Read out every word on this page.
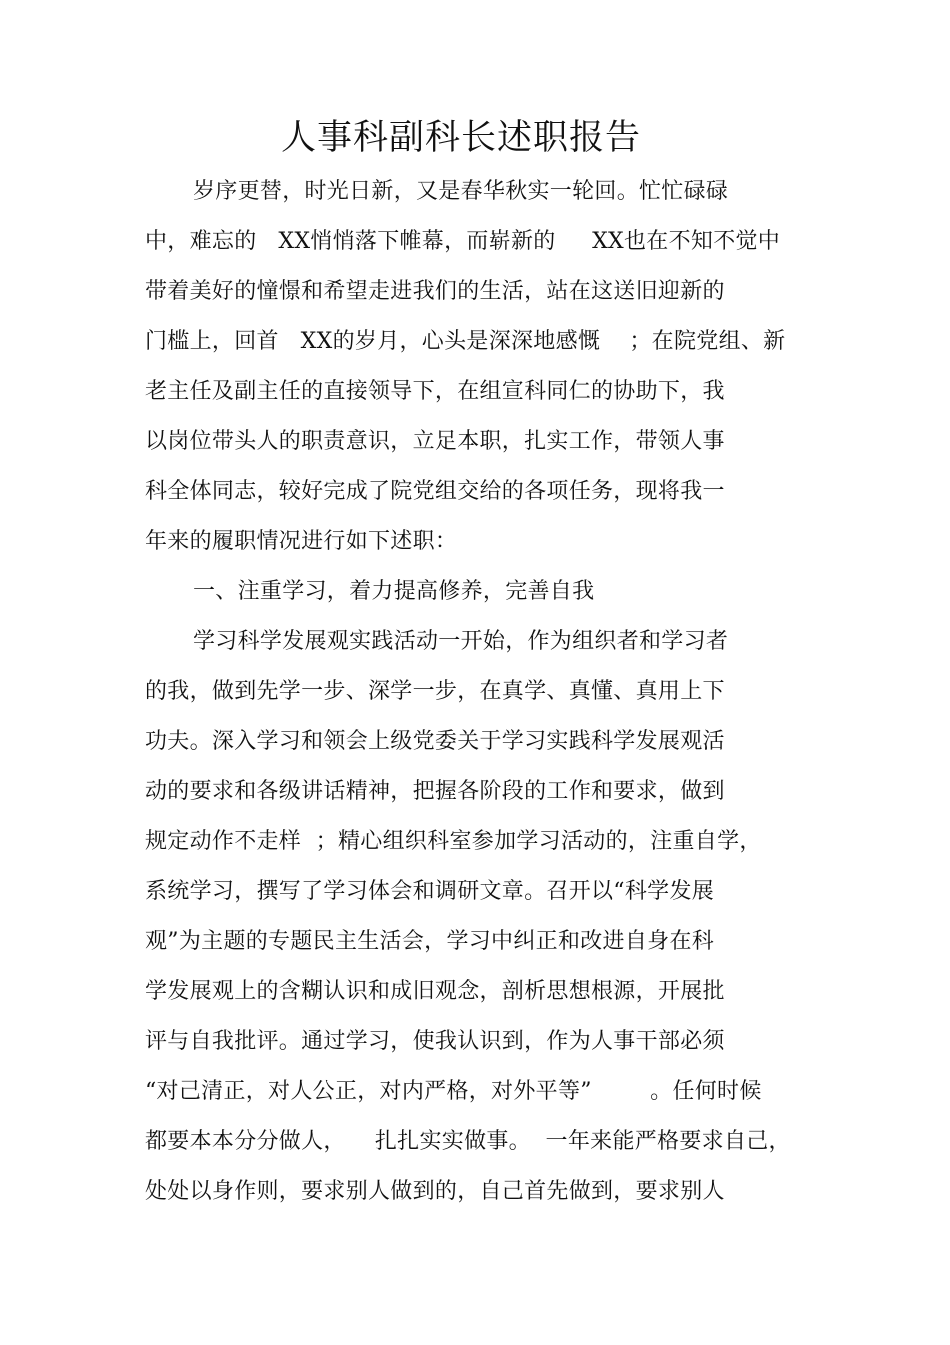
人事科副科长述职报告
岁序更替，时光日新，又是春华秋实一轮回。忙忙碌碌
中，难忘的   XX悄悄落下帷幕，而崭新的     XX也在不知不觉中
带着美好的憧憬和希望走进我们的生活，站在这送旧迎新的
门槛上，回首   XX的岁月，心头是深深地感慨    ；在院党组、新
老主任及副主任的直接领导下，在组宣科同仁的协助下，我
以岗位带头人的职责意识，立足本职，扎实工作，带领人事
科全体同志，较好完成了院党组交给的各项任务，现将我一
年来的履职情况进行如下述职：
一、注重学习，着力提高修养，完善自我
学习科学发展观实践活动一开始，作为组织者和学习者
的我，做到先学一步、深学一步，在真学、真懂、真用上下
功夫。深入学习和领会上级党委关于学习实践科学发展观活
动的要求和各级讲话精神，把握各阶段的工作和要求，做到
规定动作不走样  ；精心组织科室参加学习活动的，注重自学，
系统学习，撰写了学习体会和调研文章。召开以“科学发展
观”为主题的专题民主生活会，学习中纠正和改进自身在科
学发展观上的含糊认识和成旧观念，剖析思想根源，开展批
评与自我批评。通过学习，使我认识到，作为人事干部必须
“对己清正，对人公正，对内严格，对外平等”        。任何时候
都要本本分分做人，    扎扎实实做事。  一年来能严格要求自己，
处处以身作则，要求别人做到的，自己首先做到，要求别人
